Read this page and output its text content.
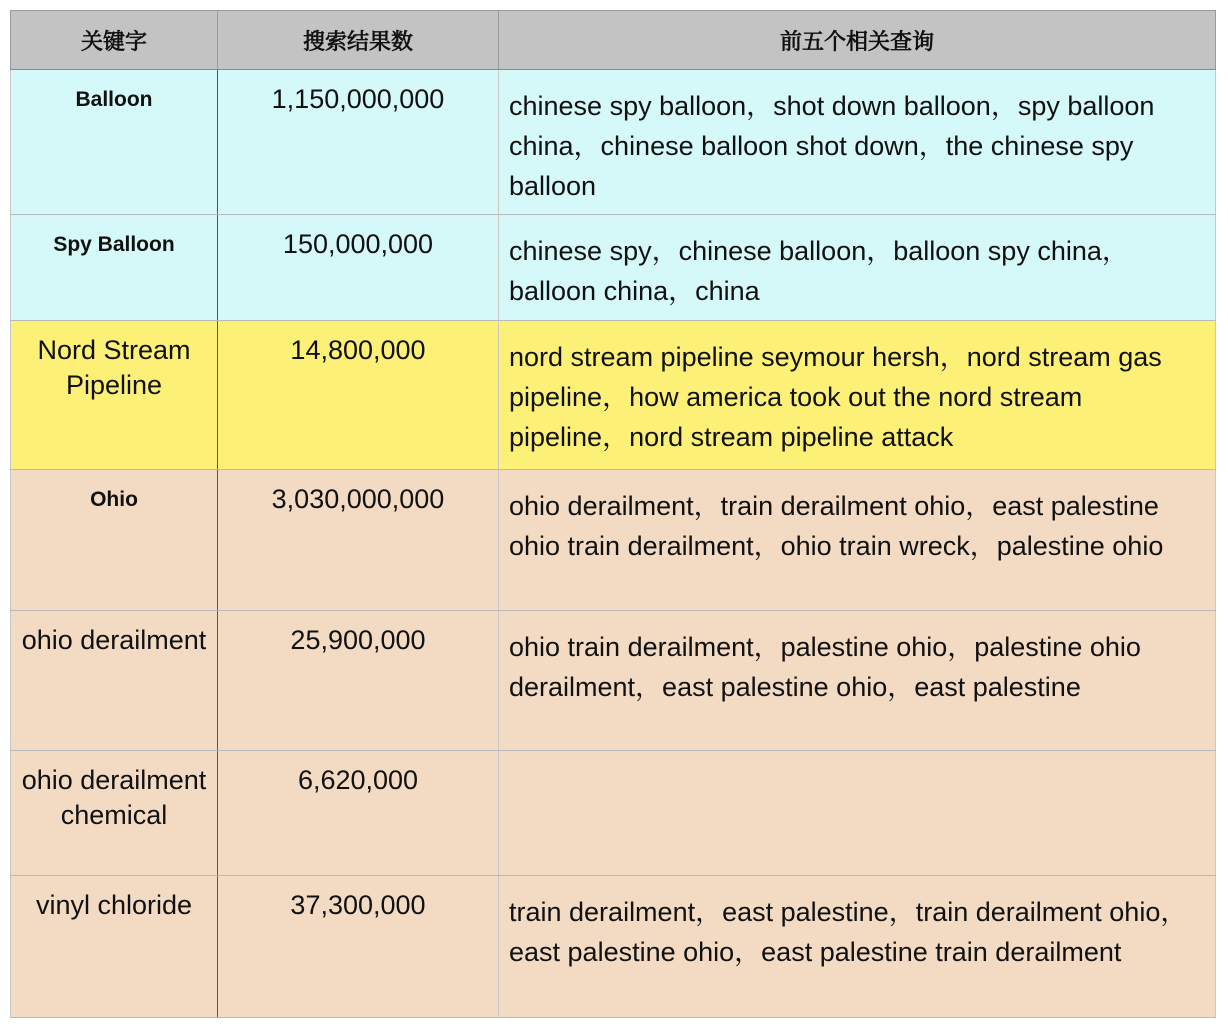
关键字	搜索结果数	前五个相关查询
Balloon	1,150,000,000	chinese spy balloon，shot down balloon，spy balloon china，chinese balloon shot down，the chinese spy balloon
Spy Balloon	150,000,000	chinese spy，chinese balloon，balloon spy china，balloon china，china
Nord Stream Pipeline	14,800,000	nord stream pipeline seymour hersh，nord stream gas pipeline，how america took out the nord stream pipeline，nord stream pipeline attack
Ohio	3,030,000,000	ohio derailment，train derailment ohio，east palestine ohio train derailment，ohio train wreck，palestine ohio
ohio derailment	25,900,000	ohio train derailment，palestine ohio，palestine ohio derailment，east palestine ohio，east palestine
ohio derailment chemical	6,620,000	
vinyl chloride	37,300,000	train derailment，east palestine，train derailment ohio，east palestine ohio，east palestine train derailment
